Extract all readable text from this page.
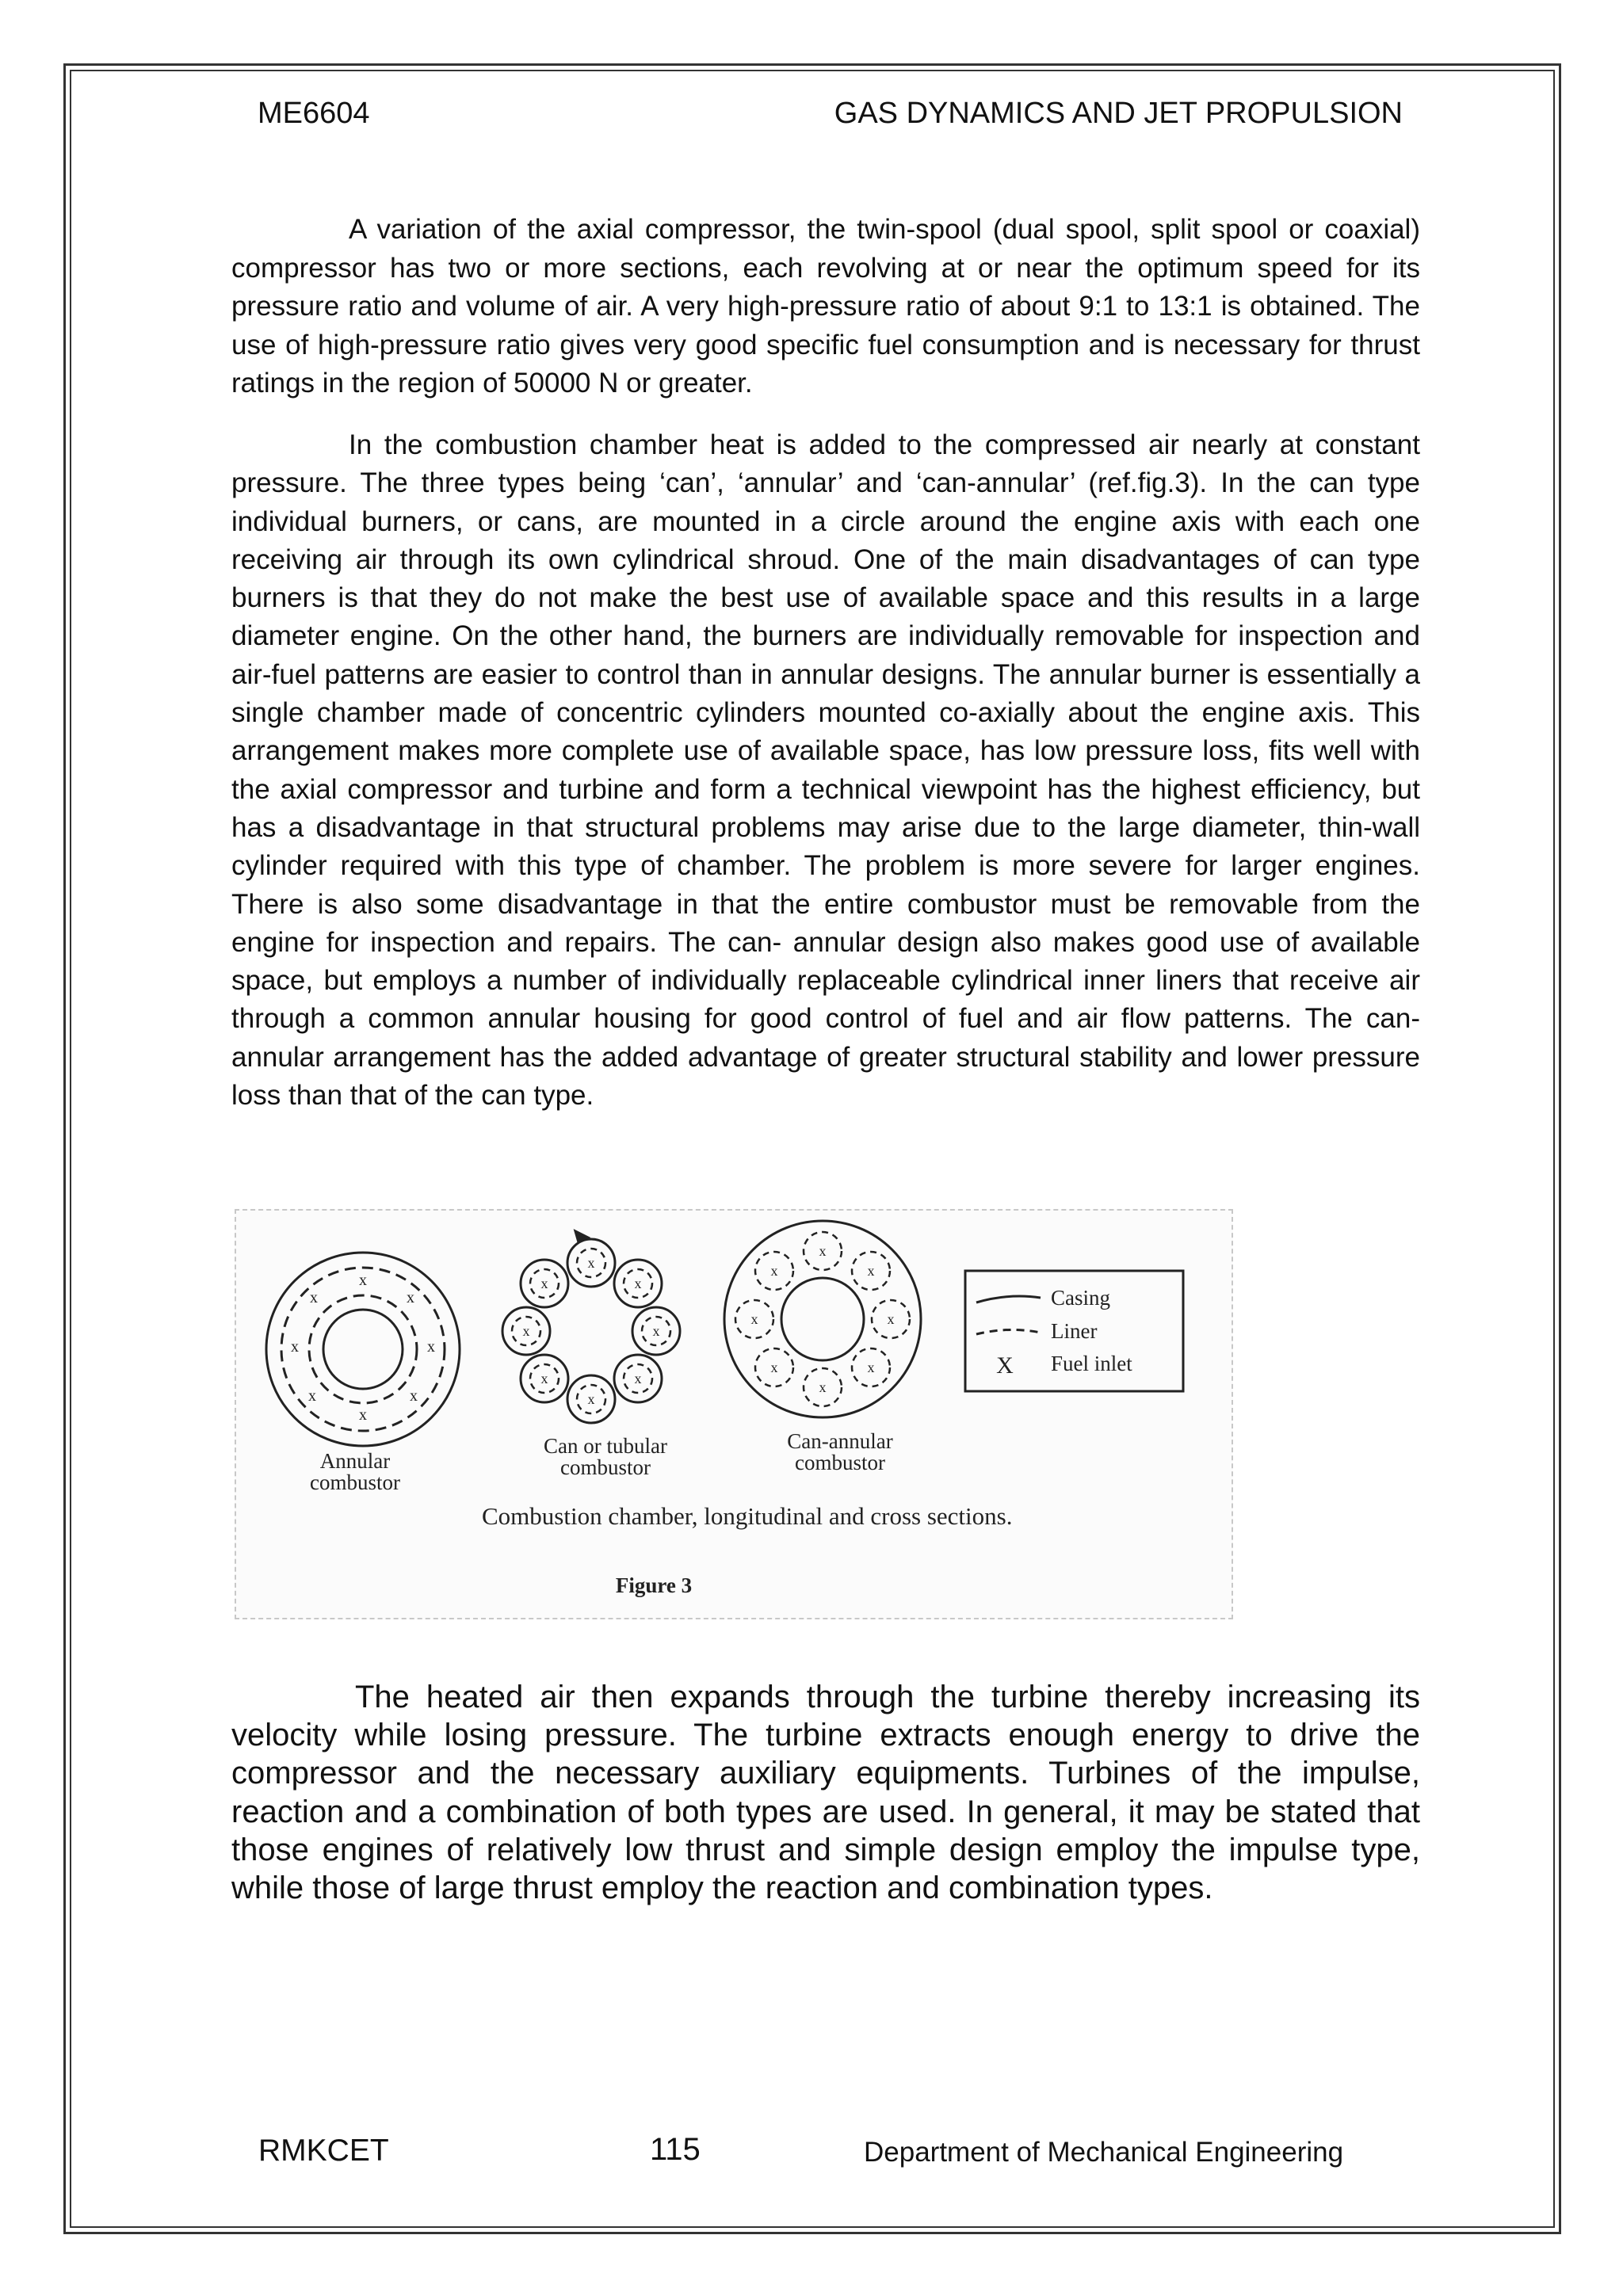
ME6604	GAS DYNAMICS AND JET PROPULSION

A variation of the axial compressor, the twin-spool (dual spool, split spool or coaxial) compressor has two or more sections, each revolving at or near the optimum speed for its pressure ratio and volume of air. A very high-pressure ratio of about 9:1 to 13:1 is obtained. The use of high-pressure ratio gives very good specific fuel consumption and is necessary for thrust ratings in the region of 50000 N or greater.

In the combustion chamber heat is added to the compressed air nearly at constant pressure. The three types being ‘can’, ‘annular’ and ‘can-annular’ (ref.fig.3). In the can type individual burners, or cans, are mounted in a circle around the engine axis with each one receiving air through its own cylindrical shroud. One of the main disadvantages of can type burners is that they do not make the best use of available space and this results in a large diameter engine. On the other hand, the burners are individually removable for inspection and air-fuel patterns are easier to control than in annular designs. The annular burner is essentially a single chamber made of concentric cylinders mounted co-axially about the engine axis. This arrangement makes more complete use of available space, has low pressure loss, fits well with the axial compressor and turbine and form a technical viewpoint has the highest efficiency, but has a disadvantage in that structural problems may arise due to the large diameter, thin-wall cylinder required with this type of chamber. The problem is more severe for larger engines. There is also some disadvantage in that the entire combustor must be removable from the engine for inspection and repairs. The can- annular design also makes good use of available space, but employs a number of individually replaceable cylindrical inner liners that receive air through a common annular housing for good control of fuel and air flow patterns. The can-annular arrangement has the added advantage of greater structural stability and lower pressure loss than that of the can type.

x
x
x
x
x
x
x
x
Annular
combustor
x
x
x
x
x
x
x
x
Can or tubular
combustor
x
x
x
x
x
x
x
x
Can-annular
combustor
Casing
Liner
X Fuel inlet
Combustion chamber, longitudinal and cross sections.
Figure 3

The heated air then expands through the turbine thereby increasing its velocity while losing pressure. The turbine extracts enough energy to drive the compressor and the necessary auxiliary equipments. Turbines of the impulse, reaction and a combination of both types are used. In general, it may be stated that those engines of relatively low thrust and simple design employ the impulse type, while those of large thrust employ the reaction and combination types.

RMKCET	115	Department of Mechanical Engineering
